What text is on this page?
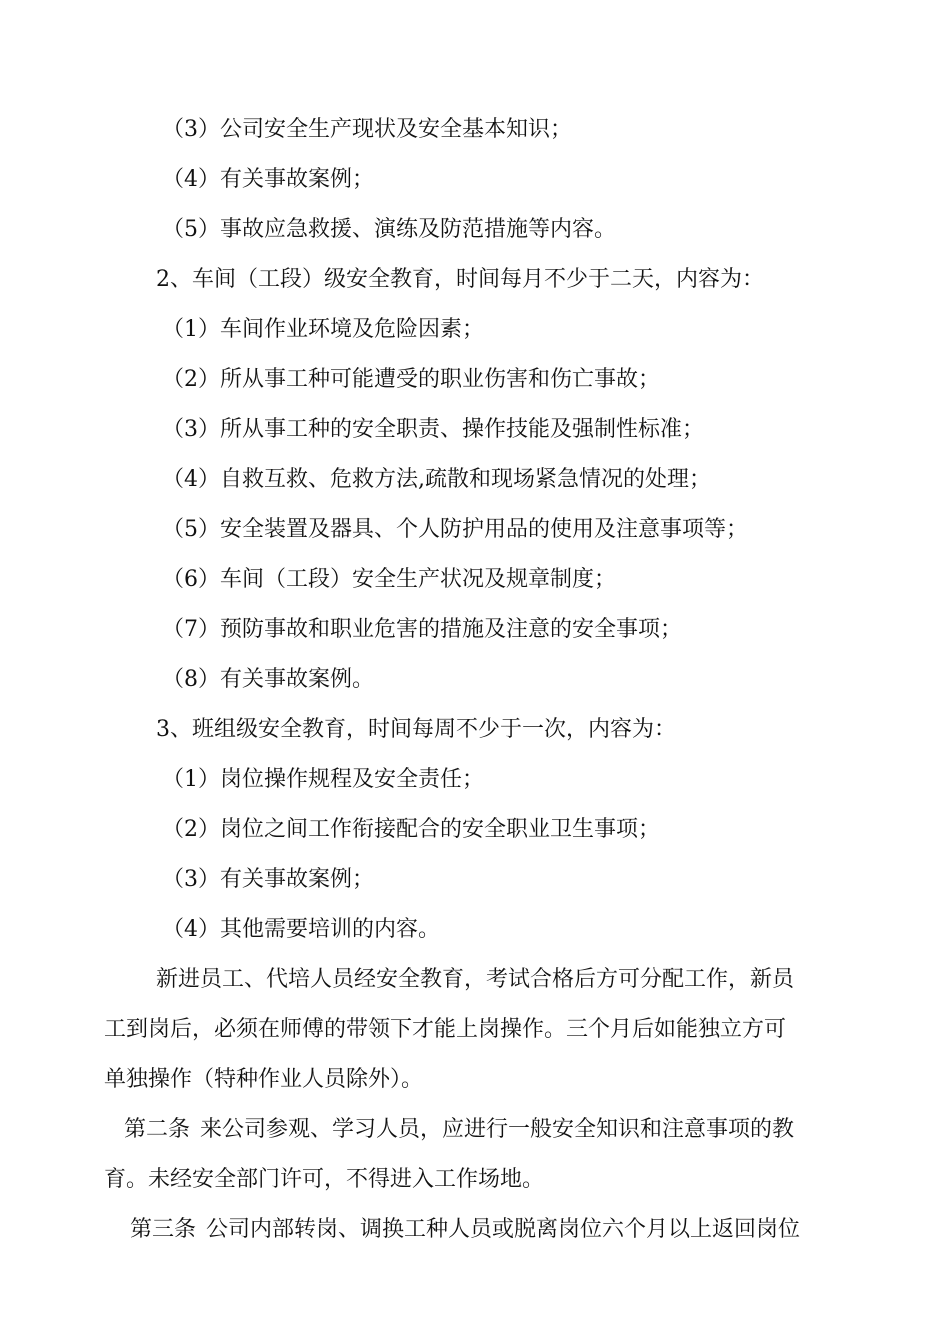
（3）公司安全生产现状及安全基本知识；
（4）有关事故案例；
（5）事故应急救援、演练及防范措施等内容。
2、车间（工段）级安全教育，时间每月不少于二天，内容为：
（1）车间作业环境及危险因素；
（2）所从事工种可能遭受的职业伤害和伤亡事故；
（3）所从事工种的安全职责、操作技能及强制性标准；
（4）自救互救、危救方法,疏散和现场紧急情况的处理；
（5）安全装置及器具、个人防护用品的使用及注意事项等；
（6）车间（工段）安全生产状况及规章制度；
（7）预防事故和职业危害的措施及注意的安全事项；
（8）有关事故案例。
3、班组级安全教育，时间每周不少于一次，内容为：
（1）岗位操作规程及安全责任；
（2）岗位之间工作衔接配合的安全职业卫生事项；
（3）有关事故案例；
（4）其他需要培训的内容。
新进员工、代培人员经安全教育，考试合格后方可分配工作，新员
工到岗后，必须在师傅的带领下才能上岗操作。三个月后如能独立方可
单独操作（特种作业人员除外）。
第二条 来公司参观、学习人员，应进行一般安全知识和注意事项的教
育。未经安全部门许可，不得进入工作场地。
第三条 公司内部转岗、调换工种人员或脱离岗位六个月以上返回岗位
